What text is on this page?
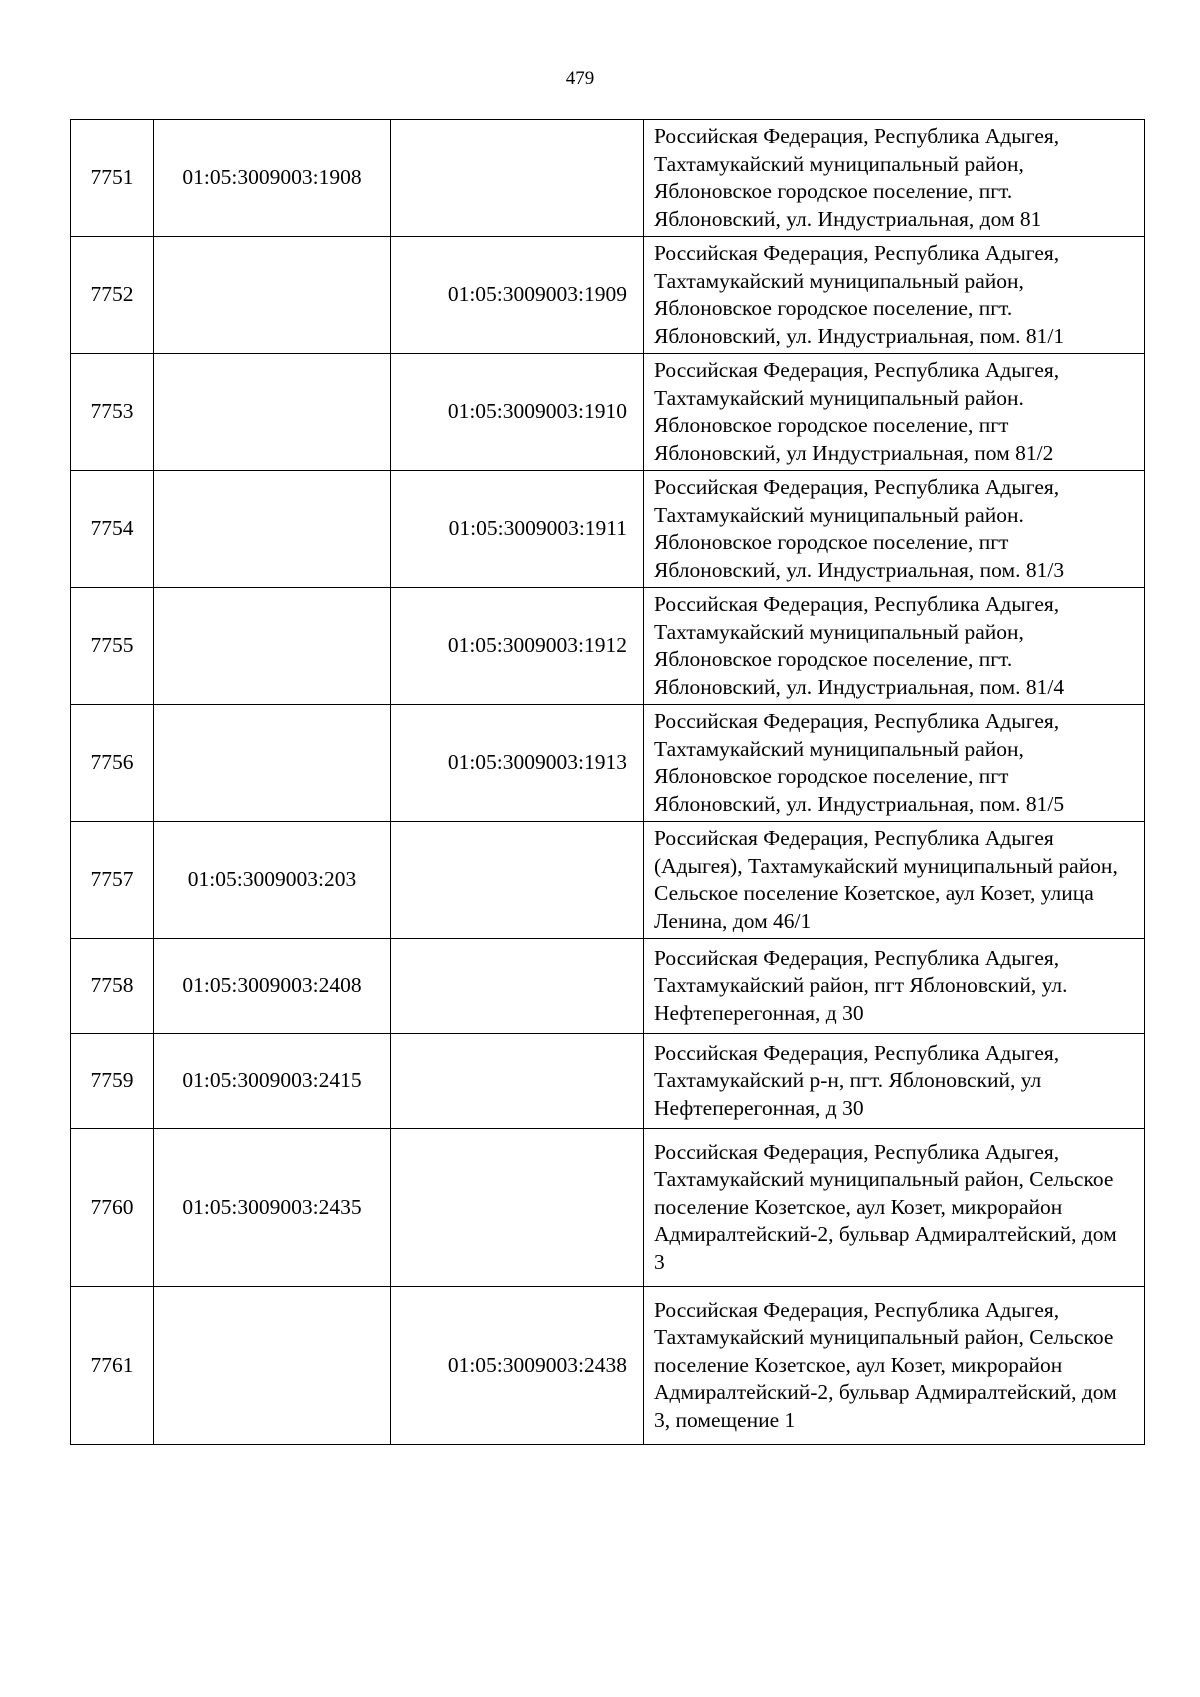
479
7751	01:05:3009003:1908		Российская Федерация, Республика Адыгея, Тахтамукайский муниципальный район, Яблоновское городское поселение, пгт. Яблоновский, ул. Индустриальная, дом 81
7752		01:05:3009003:1909	Российская Федерация, Республика Адыгея, Тахтамукайский муниципальный район, Яблоновское городское поселение, пгт. Яблоновский, ул. Индустриальная, пом. 81/1
7753		01:05:3009003:1910	Российская Федерация, Республика Адыгея, Тахтамукайский муниципальный район. Яблоновское городское поселение, пгт Яблоновский, ул Индустриальная, пом 81/2
7754		01:05:3009003:1911	Российская Федерация, Республика Адыгея, Тахтамукайский муниципальный район. Яблоновское городское поселение, пгт Яблоновский, ул. Индустриальная, пом. 81/3
7755		01:05:3009003:1912	Российская Федерация, Республика Адыгея, Тахтамукайский муниципальный район, Яблоновское городское поселение, пгт. Яблоновский, ул. Индустриальная, пом. 81/4
7756		01:05:3009003:1913	Российская Федерация, Республика Адыгея, Тахтамукайский муниципальный район, Яблоновское городское поселение, пгт Яблоновский, ул. Индустриальная, пом. 81/5
7757	01:05:3009003:203		Российская Федерация, Республика Адыгея (Адыгея), Тахтамукайский муниципальный район, Сельское поселение Козетское, аул Козет, улица Ленина, дом 46/1
7758	01:05:3009003:2408		Российская Федерация, Республика Адыгея, Тахтамукайский район, пгт Яблоновский, ул. Нефтеперегонная, д 30
7759	01:05:3009003:2415		Российская Федерация, Республика Адыгея, Тахтамукайский р-н, пгт. Яблоновский, ул Нефтеперегонная, д 30
7760	01:05:3009003:2435		Российская Федерация, Республика Адыгея, Тахтамукайский муниципальный район, Сельское поселение Козетское, аул Козет, микрорайон Адмиралтейский-2, бульвар Адмиралтейский, дом 3
7761		01:05:3009003:2438	Российская Федерация, Республика Адыгея, Тахтамукайский муниципальный район, Сельское поселение Козетское, аул Козет, микрорайон Адмиралтейский-2, бульвар Адмиралтейский, дом 3, помещение 1
